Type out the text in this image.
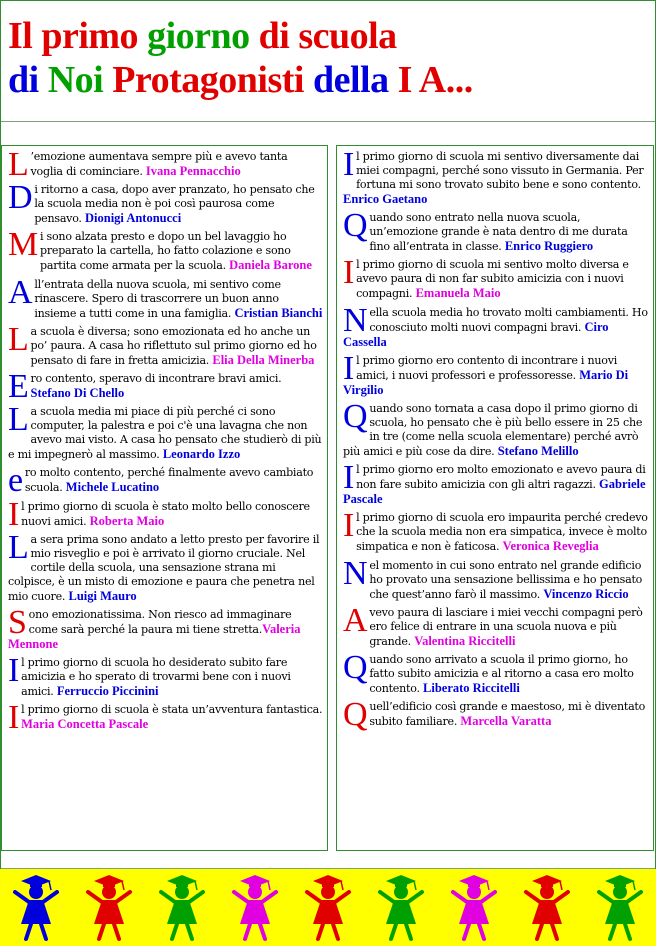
Il primo giorno di scuola
di Noi Protagonisti della I A...
L ’emozione aumentava sempre più e avevo tanta voglia di cominciare. Ivana Pennacchio
Di ritorno a casa, dopo aver pranzato, ho pensato che la scuola media non è poi così paurosa come pensavo. Dionigi Antonucci
Mi sono alzata presto e dopo un bel lavaggio ho preparato la cartella, ho fatto colazione e sono partita come armata per la scuola. Daniela Barone
All’entrata della nuova scuola, mi sentivo come rinascere. Spero di trascorrere un buon anno insieme a tutti come in una famiglia. Cristian Bianchi
La scuola è diversa; sono emozionata ed ho anche un po’ paura. A casa ho riflettuto sul primo giorno ed ho pensato di fare in fretta amicizia. Elia Della Minerba
Ero contento, speravo di incontrare bravi amici. Stefano Di Chello
La scuola media mi piace di più perché ci sono computer, la palestra e poi c'è una lavagna che non avevo mai visto. A casa ho pensato che studierò di più e mi impegnerò al massimo. Leonardo Izzo
ero molto contento, perché finalmente avevo cambiato scuola. Michele Lucatino
Il primo giorno di scuola è stato molto bello conoscere nuovi amici. Roberta Maio
La sera prima sono andato a letto presto per favorire il mio risveglio e poi è arrivato il giorno cruciale. Nel cortile della scuola, una sensazione strana mi colpisce, è un misto di emozione e paura che penetra nel mio cuore. Luigi Mauro
Sono emozionatissima. Non riesco ad immaginare come sarà perché la paura mi tiene stretta.Valeria Mennone
Il primo giorno di scuola ho desiderato subito fare amicizia e ho sperato di trovarmi bene con i nuovi amici. Ferruccio Piccinini
Il primo giorno di scuola è stata un’avventura fantastica. Maria Concetta Pascale
Il primo giorno di scuola mi sentivo diversamente dai miei compagni, perché sono vissuto in Germania. Per fortuna mi sono trovato subito bene e sono contento. Enrico Gaetano
Quando sono entrato nella nuova scuola, un’emozione grande è nata dentro di me durata fino all’entrata in classe. Enrico Ruggiero
Il primo giorno di scuola mi sentivo molto diversa e avevo paura di non far subito amicizia con i nuovi compagni. Emanuela Maio
Nella scuola media ho trovato molti cambiamenti. Ho conosciuto molti nuovi compagni bravi. Ciro Cassella
Il primo giorno ero contento di incontrare i nuovi amici, i nuovi professori e professoresse. Mario Di Virgilio
Quando sono tornata a casa dopo il primo giorno di scuola, ho pensato che è più bello essere in 25 che in tre (come nella scuola elementare) perché avrò più amici e più cose da dire. Stefano Melillo
Il primo giorno ero molto emozionato e avevo paura di non fare subito amicizia con gli altri ragazzi. Gabriele Pascale
Il primo giorno di scuola ero impaurita perché credevo che la scuola media non era simpatica, invece è molto simpatica e non è faticosa. Veronica Reveglia
Nel momento in cui sono entrato nel grande edificio ho provato una sensazione bellissima e ho pensato che quest’anno farò il massimo. Vincenzo Riccio
Avevo paura di lasciare i miei vecchi compagni però ero felice di entrare in una scuola nuova e più grande. Valentina Riccitelli
Quando sono arrivato a scuola il primo giorno, ho fatto subito amicizia e al ritorno a casa ero molto contento. Liberato Riccitelli
Quell’edificio così grande e maestoso, mi è diventato subito familiare. Marcella Varatta
